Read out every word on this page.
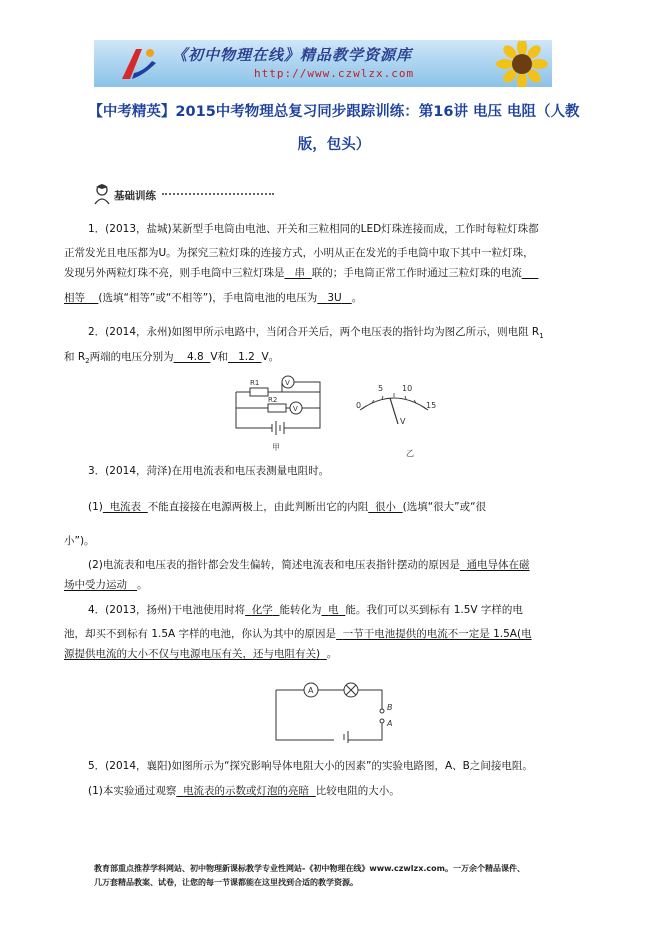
《初中物理在线》精品教学资源库
http://www.czwlzx.com
【中考精英】2015中考物理总复习同步跟踪训练：第16讲 电压 电阻（人教版，包头）
基础训练
1．(2013，盐城)某新型手电筒由电池、开关和三粒相同的LED灯珠连接而成，工作时每粒灯珠都
正常发光且电压都为U。为探究三粒灯珠的连接方式，小明从正在发光的手电筒中取下其中一粒灯珠，
发现另外两粒灯珠不亮，则手电筒中三粒灯珠是 串 联的；手电筒正常工作时通过三粒灯珠的电流
相等 (选填“相等”或“不相等”)，手电筒电池的电压为 3U 。
2．(2014，永州)如图甲所示电路中，当闭合开关后，两个电压表的指针均为图乙所示，则电阻 $R_1$
和 $R_2$两端的电压分别为 4.8 V和 1.2 V。
R1
R2
V
V
甲
0
5 10
15
V
乙
3．(2014，菏泽)在用电流表和电压表测量电阻时。
(1) 电流表 不能直接接在电源两极上，由此判断出它的内阻 很小 (选填“很大”或“很
小”)。
(2)电流表和电压表的指针都会发生偏转，简述电流表和电压表指针摆动的原因是 通电导体在磁
场中受力运动 。
4．(2013，扬州)干电池使用时将 化学 能转化为 电 能。我们可以买到标有 1.5V 字样的电
池，却买不到标有 1.5A 字样的电池，你认为其中的原因是 一节干电池提供的电流不一定是 1.5A(电
源提供电流的大小不仅与电源电压有关，还与电阻有关) 。
A
B
A
5．(2014，襄阳)如图所示为“探究影响导体电阻大小的因素”的实验电路图，A、B之间接电阻。
(1)本实验通过观察 电流表的示数或灯泡的亮暗 比较电阻的大小。
教育部重点推荐学科网站、初中物理新课标教学专业性网站-《初中物理在线》www.czwlzx.com。一万余个精品课件、
几万套精品教案、试卷，让您的每一节课都能在这里找到合适的教学资源。
